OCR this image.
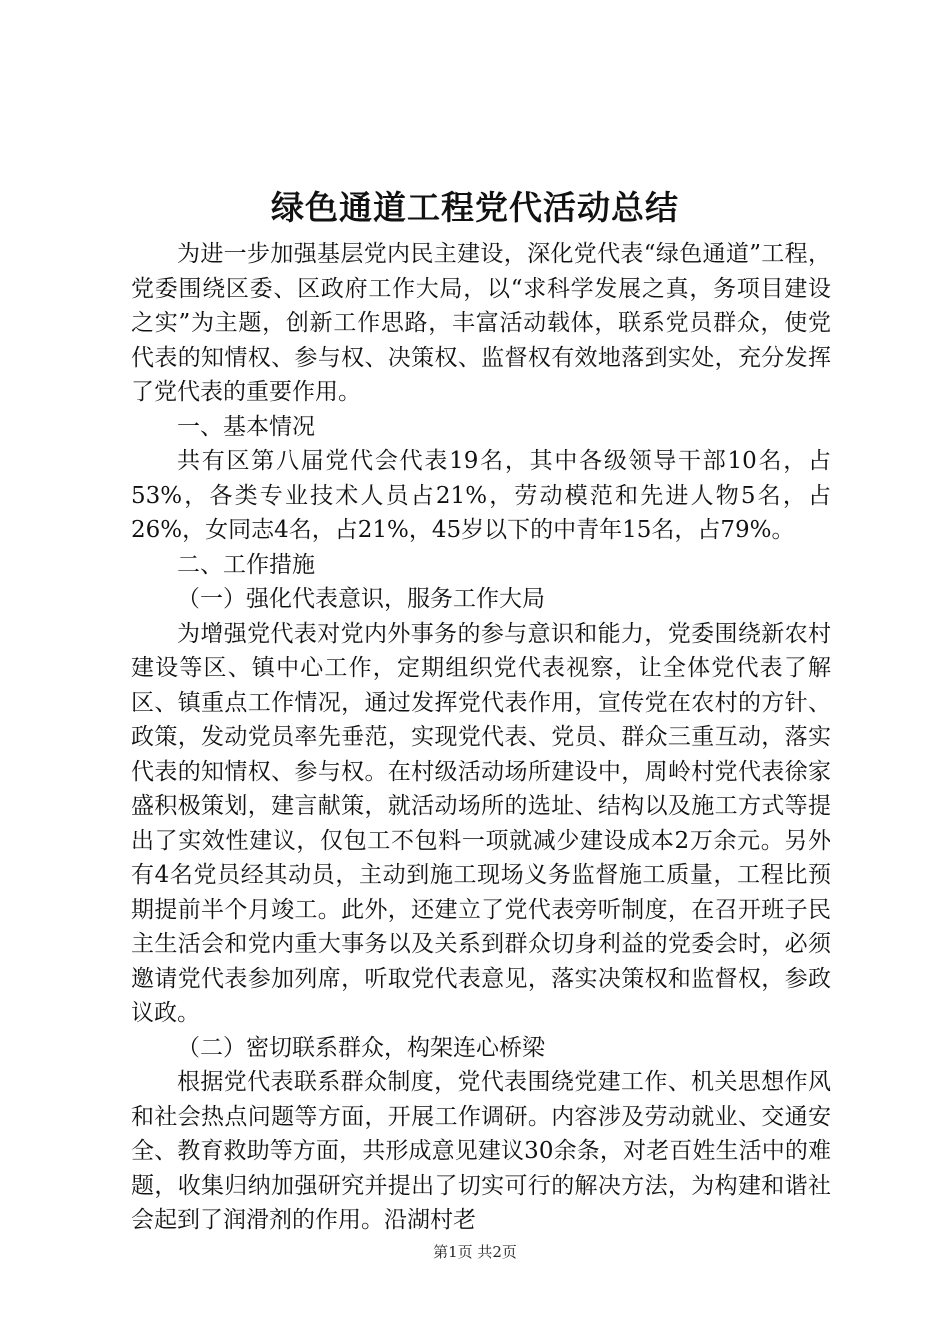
绿色通道工程党代活动总结

为进一步加强基层党内民主建设，深化党代表“绿色通道”工程，党委围绕区委、区政府工作大局，以“求科学发展之真，务项目建设之实”为主题，创新工作思路，丰富活动载体，联系党员群众，使党代表的知情权、参与权、决策权、监督权有效地落到实处，充分发挥了党代表的重要作用。

一、基本情况

共有区第八届党代会代表19名，其中各级领导干部10名，占53%，各类专业技术人员占21%，劳动模范和先进人物5名，占26%，女同志4名，占21%，45岁以下的中青年15名，占79%。

二、工作措施

（一）强化代表意识，服务工作大局

为增强党代表对党内外事务的参与意识和能力，党委围绕新农村建设等区、镇中心工作，定期组织党代表视察，让全体党代表了解区、镇重点工作情况，通过发挥党代表作用，宣传党在农村的方针、政策，发动党员率先垂范，实现党代表、党员、群众三重互动，落实代表的知情权、参与权。在村级活动场所建设中，周岭村党代表徐家盛积极策划，建言献策，就活动场所的选址、结构以及施工方式等提出了实效性建议，仅包工不包料一项就减少建设成本2万余元。另外有4名党员经其动员，主动到施工现场义务监督施工质量，工程比预期提前半个月竣工。此外，还建立了党代表旁听制度，在召开班子民主生活会和党内重大事务以及关系到群众切身利益的党委会时，必须邀请党代表参加列席，听取党代表意见，落实决策权和监督权，参政议政。

（二）密切联系群众，构架连心桥梁

根据党代表联系群众制度，党代表围绕党建工作、机关思想作风和社会热点问题等方面，开展工作调研。内容涉及劳动就业、交通安全、教育救助等方面，共形成意见建议30余条，对老百姓生活中的难题，收集归纳加强研究并提出了切实可行的解决方法，为构建和谐社会起到了润滑剂的作用。沿湖村老

第1页 共2页
